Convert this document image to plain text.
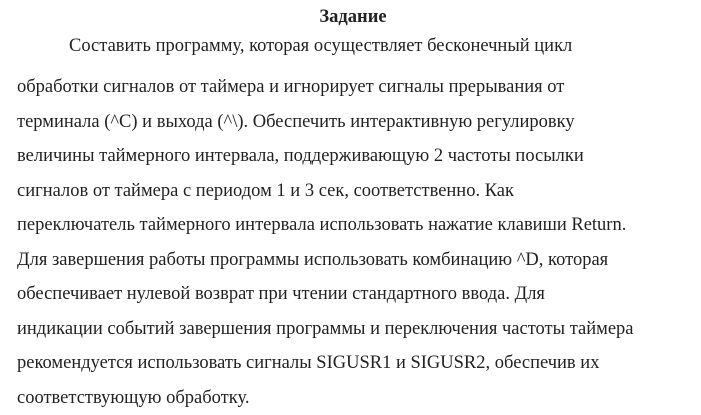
Задание
Составить программу, которая осуществляет бесконечный цикл
обработки сигналов от таймера и игнорирует сигналы прерывания от
терминала (^C) и выхода (^\). Обеспечить интерактивную регулировку
величины таймерного интервала, поддерживающую 2 частоты посылки
сигналов от таймера с периодом 1 и 3 сек, соответственно. Как
переключатель таймерного интервала использовать нажатие клавиши Return.
Для завершения работы программы использовать комбинацию ^D, которая
обеспечивает нулевой возврат при чтении стандартного ввода. Для
индикации событий завершения программы и переключения частоты таймера
рекомендуется использовать сигналы SIGUSR1 и SIGUSR2, обеспечив их
соответствующую обработку.
